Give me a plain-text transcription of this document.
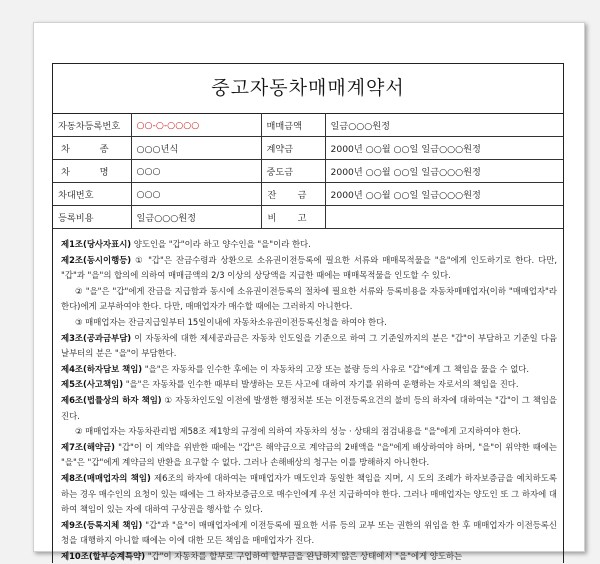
중고자동차매매계약서
자동차등록번호	○○-○-○○○○	매매금액	일금○○○원정
차 종	○○○년식	계약금	2000년 ○○월 ○○일 일금○○○원정
차 명	○○○	중도금	2000년 ○○월 ○○일 일금○○○원정
차대번호	○○○	잔 금	2000년 ○○월 ○○일 일금○○○원정
등록비용	일금○○○원정	비 고	

제1조(당사자표시) 양도인을 "갑"이라 하고 양수인을 "을"이라 한다.

제2조(동시이행등) ① "갑"은 잔금수령과 상환으로 소유권이전등록에 필요한 서류와 매매목적물을 "을"에게 인도하기로 한다. 다만, "갑"과 "을"의 합의에 의하여 매매금액의 2/3 이상의 상당액을 지급한 때에는 매매목적물을 인도할 수 있다.

② "을"은 "갑"에게 잔금을 지급함과 동시에 소유권이전등록의 절차에 필요한 서류와 등록비용을 자동차매매업자(이하 "매매업자"라 한다)에게 교부하여야 한다. 다만, 매매업자가 매수할 때에는 그러하지 아니한다.

③ 매매업자는 잔금지급일부터 15일이내에 자동차소유권이전등록신청을 하여야 한다.

제3조(공과금부담) 이 자동차에 대한 제세공과금은 자동차 인도일을 기준으로 하여 그 기준일까지의 분은 "갑"이 부담하고 기준일 다음날부터의 분은 "을"이 부담한다.

제4조(하자담보 책임) "을"은 자동차를 인수한 후에는 이 자동차의 고장 또는 불량 등의 사유로 "갑"에게 그 책임을 물을 수 없다.

제5조(사고책임) "을"은 자동차를 인수한 때부터 발생하는 모든 사고에 대하여 자기를 위하여 운행하는 자로서의 책임을 진다.

제6조(법률상의 하자 책임) ① 자동차인도일 이전에 발생한 행정처분 또는 이전등록요건의 불비 등의 하자에 대하여는 "갑"이 그 책임을 진다.

② 매매업자는 자동차관리법 제58조 제1항의 규정에 의하여 자동차의 성능 · 상태의 점검내용을 "을"에게 고지하여야 한다.

제7조(해약금) "갑"이 이 계약을 위반한 때에는 "갑"은 해약금으로 계약금의 2배액을 "을"에게 배상하여야 하며, "을"이 위약한 때에는 "을"은 "갑"에게 계약금의 반환을 요구할 수 없다. 그러나 손해배상의 청구는 이를 방해하지 아니한다.

제8조(매매업자의 책임) 제6조의 하자에 대하여는 매매업자가 매도인과 동일한 책임을 지며, 시 도의 조례가 하자보증금을 예치하도록 하는 경우 매수인의 요청이 있는 때에는 그 하자보증금으로 매수인에게 우선 지급하여야 한다. 그러나 매매업자는 양도인 또 그 하자에 대하여 책임이 있는 자에 대하여 구상권을 행사할 수 있다.

제9조(등록지체 책임) "갑"과 "을"이 매매업자에게 이전등록에 필요한 서류 등의 교부 또는 권한의 위임을 한 후 매매업자가 이전등록신청을 대행하지 아니할 때에는 이에 대한 모든 책임을 매매업자가 진다.

제10조(할부승계특약) "갑"이 자동차를 할부로 구입하여 할부금을 완납하지 않은 상태에서 "을"에게 양도하는
